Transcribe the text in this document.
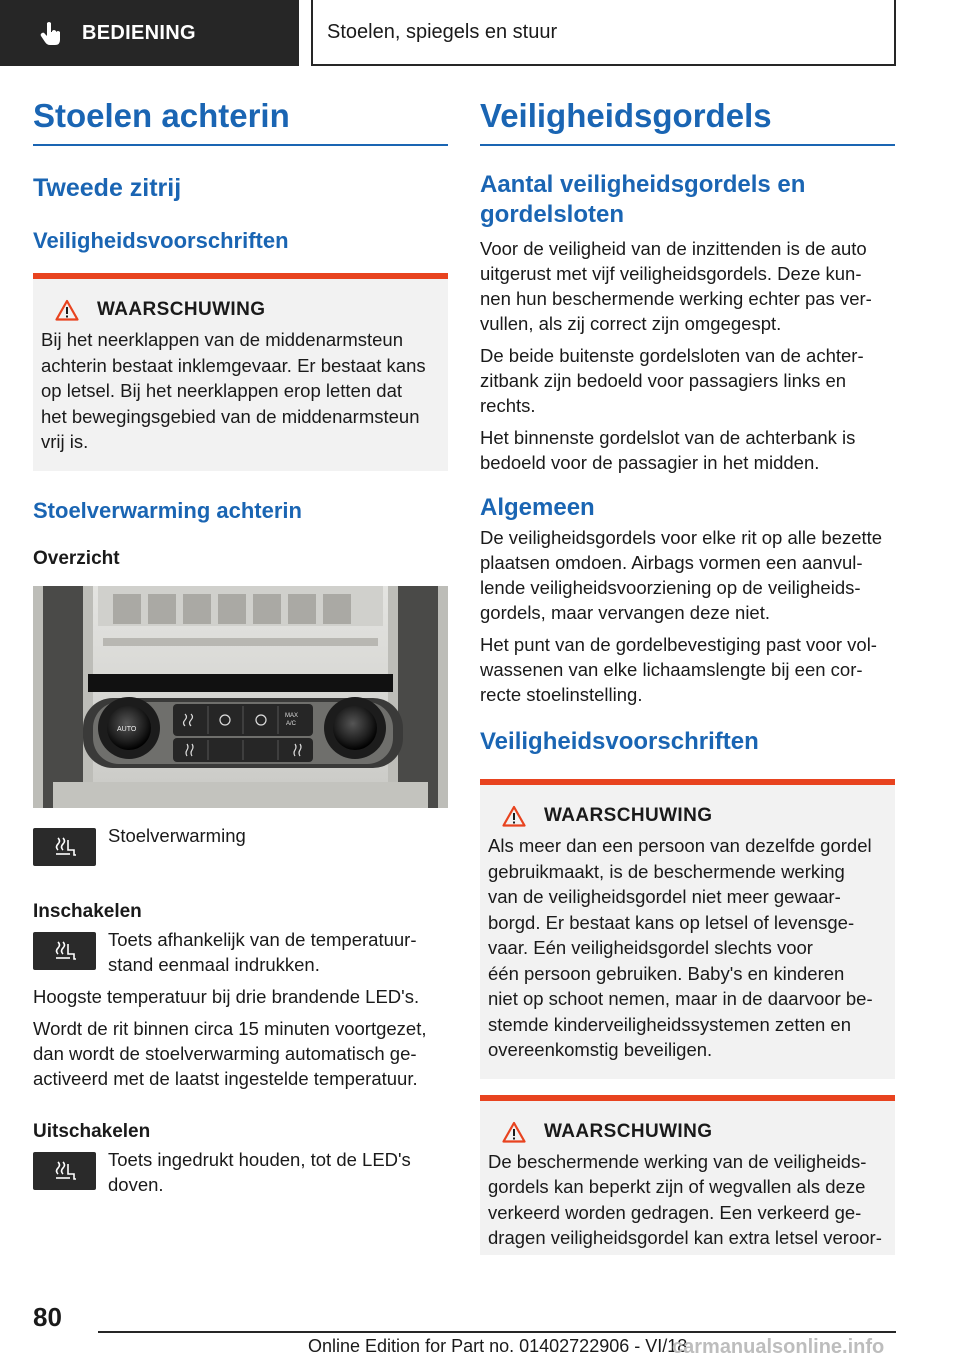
BEDIENING	Stoelen, spiegels en stuur
Stoelen achterin
Tweede zitrij
Veiligheidsvoorschriften
WAARSCHUWING

Bij het neerklappen van de middenarmsteun
achterin bestaat inklemgevaar. Er bestaat kans
op letsel. Bij het neerklappen erop letten dat
het bewegingsgebied van de middenarmsteun
vrij is.

Stoelverwarming achterin
Overzicht
AUTO
MAX
A/C

Stoelverwarming

Inschakelen

Toets afhankelijk van de temperatuur-
stand eenmaal indrukken.

Hoogste temperatuur bij drie brandende LED's.

Wordt de rit binnen circa 15 minuten voortgezet,
dan wordt de stoelverwarming automatisch ge-
activeerd met de laatst ingestelde temperatuur.

Uitschakelen

Toets ingedrukt houden, tot de LED's
doven.

Veiligheidsgordels
Aantal veiligheidsgordels en
gordelsloten

Voor de veiligheid van de inzittenden is de auto
uitgerust met vijf veiligheidsgordels. Deze kun-
nen hun beschermende werking echter pas ver-
vullen, als zij correct zijn omgegespt.

De beide buitenste gordelsloten van de achter-
zitbank zijn bedoeld voor passagiers links en
rechts.

Het binnenste gordelslot van de achterbank is
bedoeld voor de passagier in het midden.

Algemeen

De veiligheidsgordels voor elke rit op alle bezette
plaatsen omdoen. Airbags vormen een aanvul-
lende veiligheidsvoorziening op de veiligheids-
gordels, maar vervangen deze niet.

Het punt van de gordelbevestiging past voor vol-
wassenen van elke lichaamslengte bij een cor-
recte stoelinstelling.

Veiligheidsvoorschriften
WAARSCHUWING

Als meer dan een persoon van dezelfde gordel
gebruikmaakt, is de beschermende werking
van de veiligheidsgordel niet meer gewaar-
borgd. Er bestaat kans op letsel of levensge-
vaar. Eén veiligheidsgordel slechts voor
één persoon gebruiken. Baby's en kinderen
niet op schoot nemen, maar in de daarvoor be-
stemde kinderveiligheidssystemen zetten en
overeenkomstig beveiligen.

WAARSCHUWING

De beschermende werking van de veiligheids-
gordels kan beperkt zijn of wegvallen als deze
verkeerd worden gedragen. Een verkeerd ge-
dragen veiligheidsgordel kan extra letsel veroor-

80
Online Edition for Part no. 01402722906 - VI/18
carmanualsonline.info
